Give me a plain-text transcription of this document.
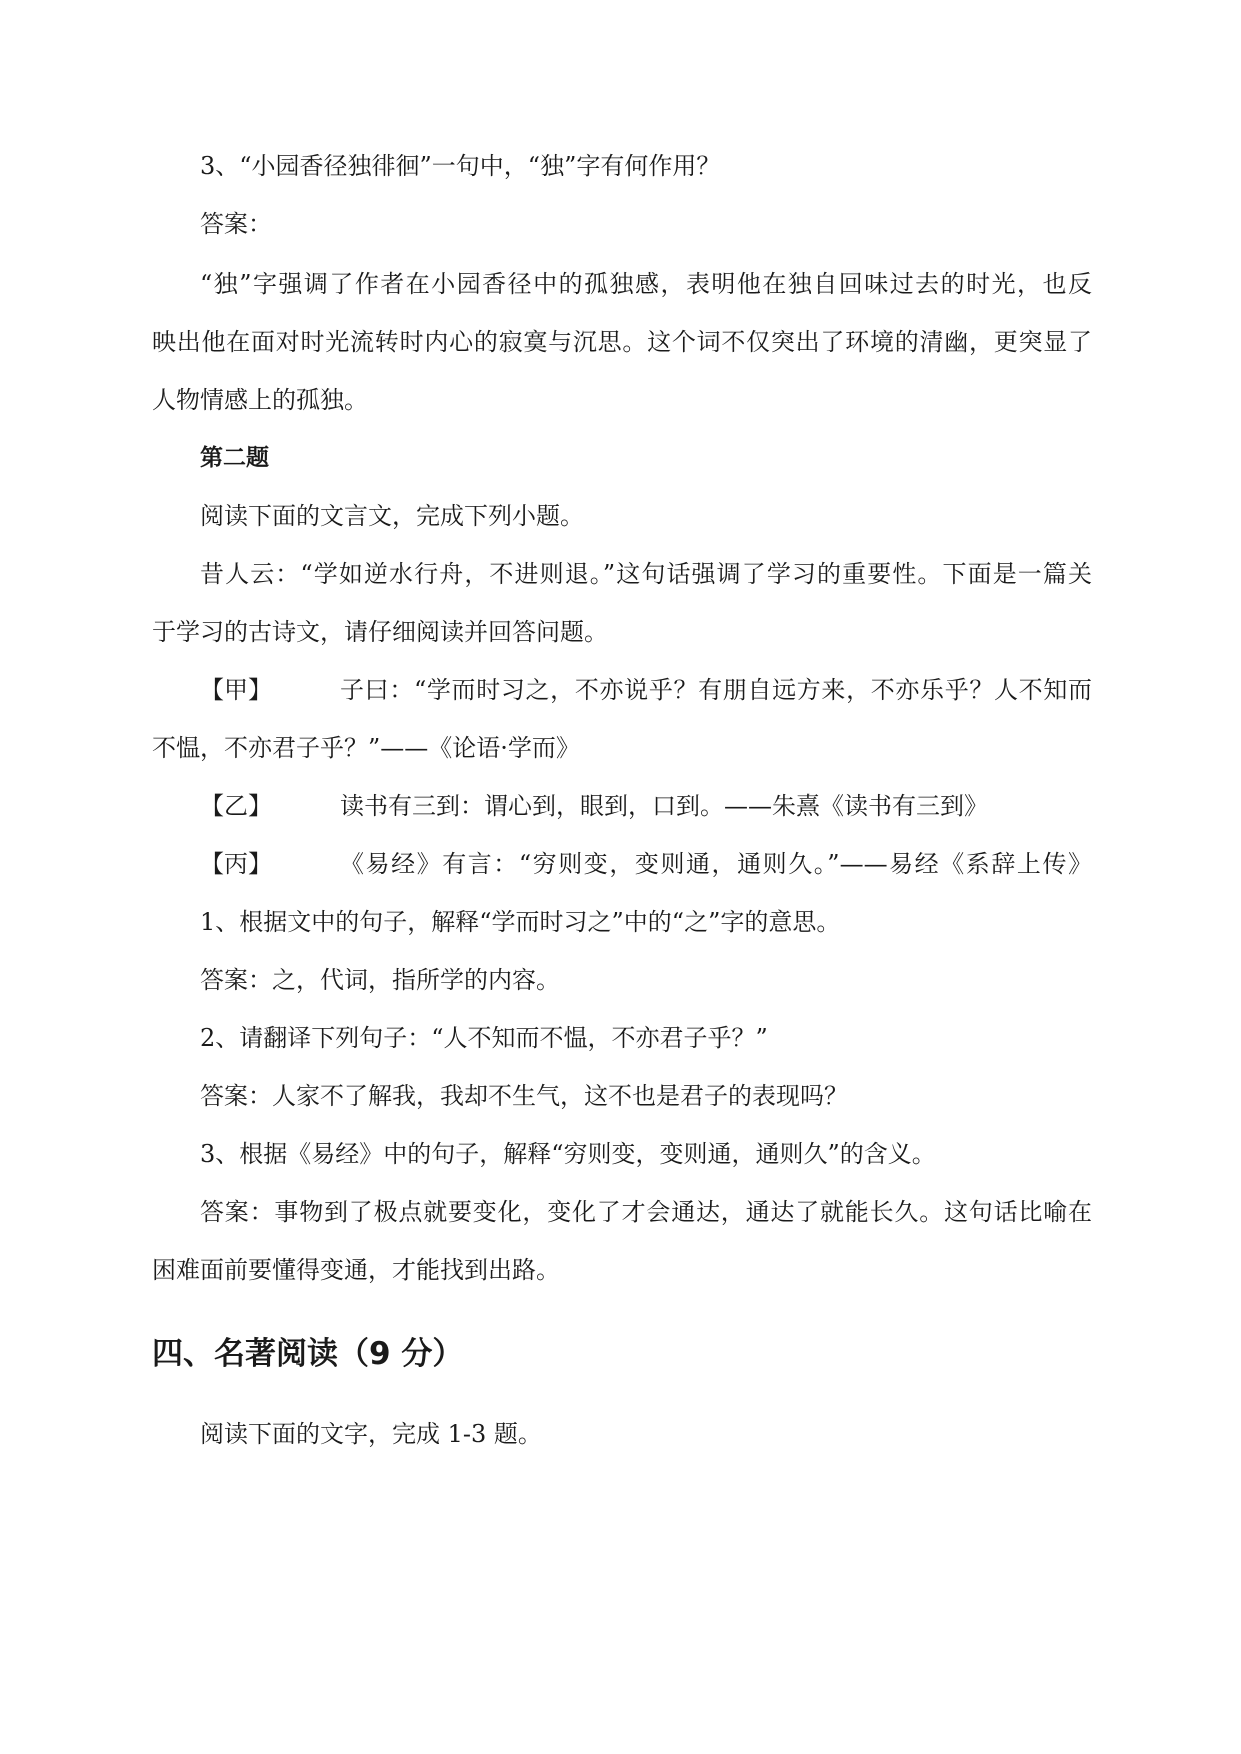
3、“小园香径独徘徊”一句中，“独”字有何作用？
答案：
“独”字强调了作者在小园香径中的孤独感，表明他在独自回味过去的时光，也反
映出他在面对时光流转时内心的寂寞与沉思。这个词不仅突出了环境的清幽，更突显了
人物情感上的孤独。
第二题
阅读下面的文言文，完成下列小题。
昔人云：“学如逆水行舟，不进则退。”这句话强调了学习的重要性。下面是一篇关
于学习的古诗文，请仔细阅读并回答问题。
【甲】	子曰：“学而时习之，不亦说乎？有朋自远方来，不亦乐乎？人不知而
不愠，不亦君子乎？”——《论语·学而》
【乙】	读书有三到：谓心到，眼到，口到。——朱熹《读书有三到》
【丙】	《易经》有言：“穷则变，变则通，通则久。”——易经《系辞上传》
1、根据文中的句子，解释“学而时习之”中的“之”字的意思。
答案：之，代词，指所学的内容。
2、请翻译下列句子：“人不知而不愠，不亦君子乎？”
答案：人家不了解我，我却不生气，这不也是君子的表现吗？
3、根据《易经》中的句子，解释“穷则变，变则通，通则久”的含义。
答案：事物到了极点就要变化，变化了才会通达，通达了就能长久。这句话比喻在
困难面前要懂得变通，才能找到出路。
四、名著阅读（9 分）
阅读下面的文字，完成 1-3 题。
